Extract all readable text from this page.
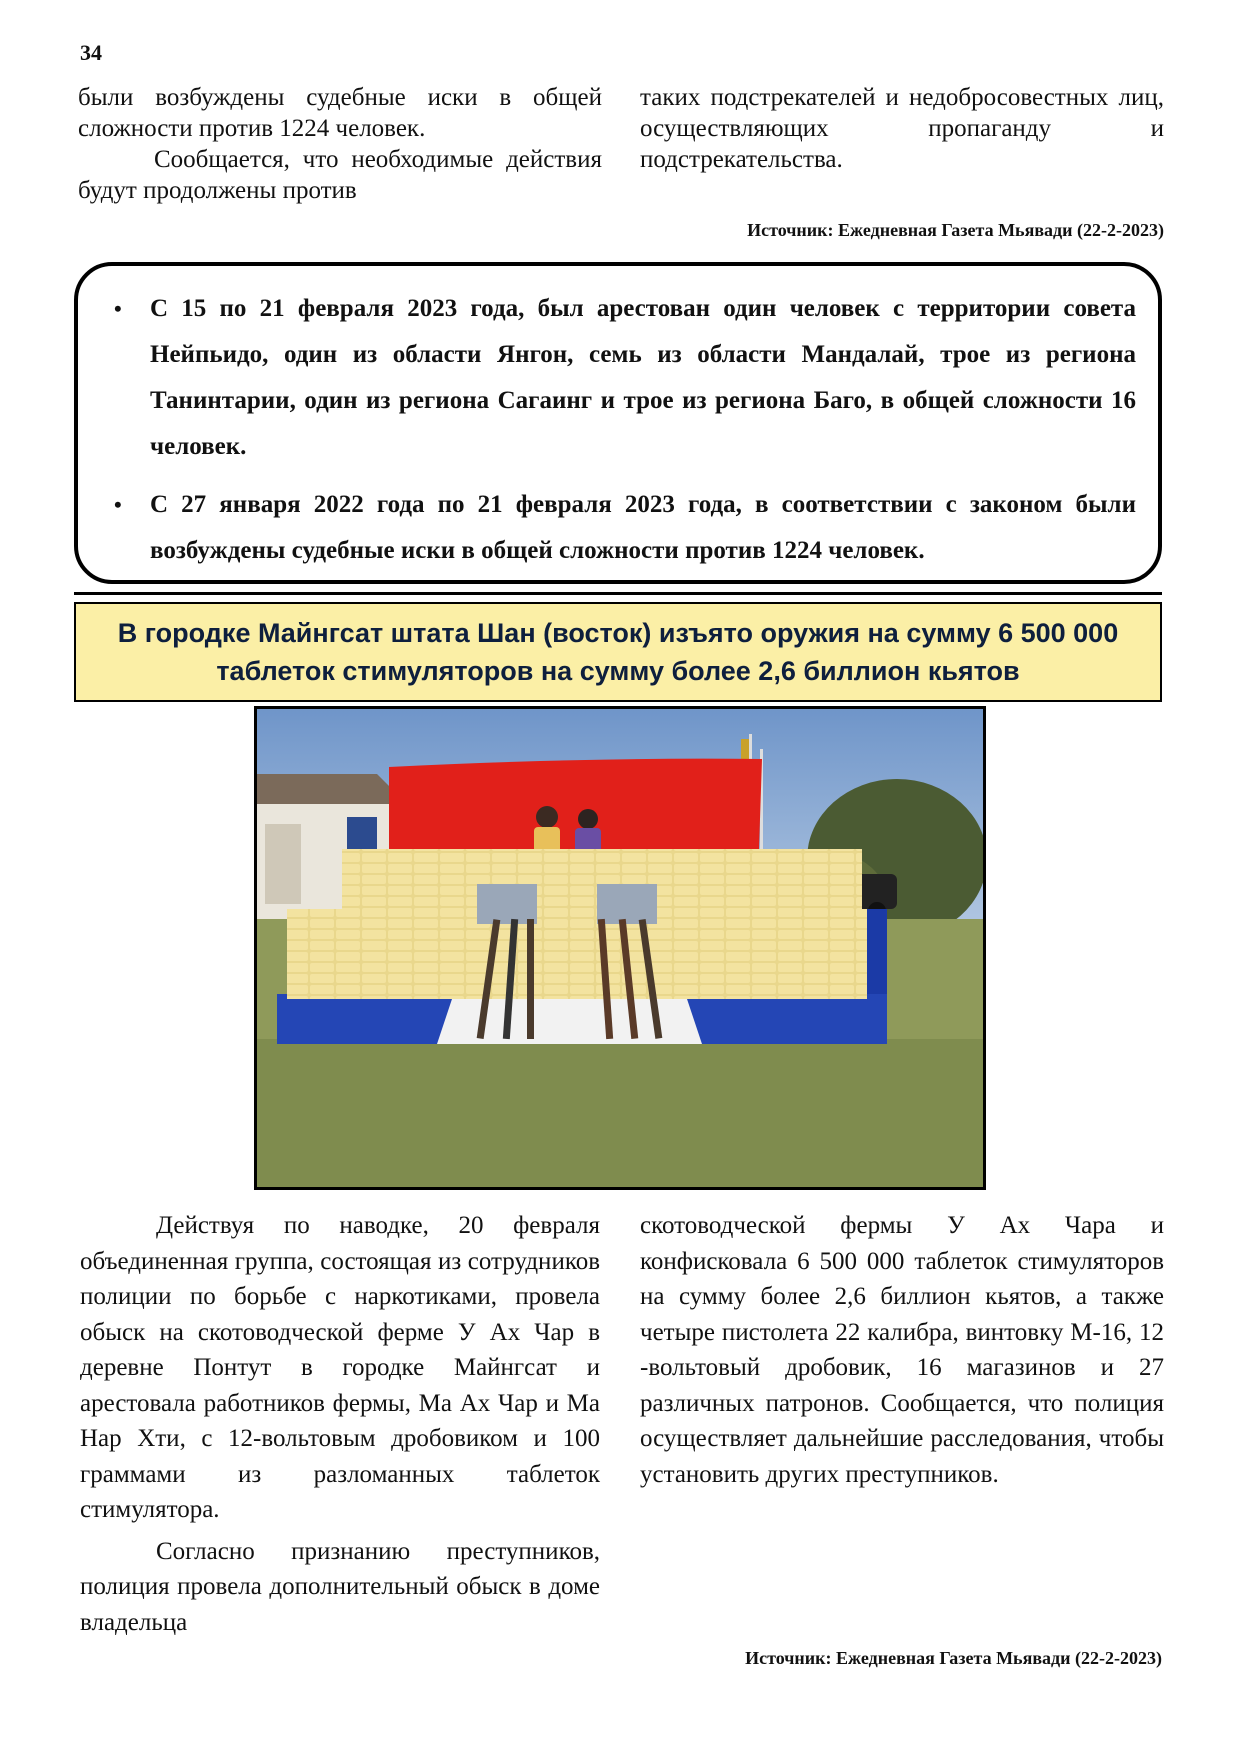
34

были возбуждены судебные иски в общей сложности против 1224 человек.

Сообщается, что необходимые действия будут продолжены против

таких подстрекателей и недобросовестных лиц, осуществляющих пропаганду и подстрекательства.

Источник: Ежедневная Газета Мьявади (22-2-2023)
• С 15 по 21 февраля 2023 года, был арестован один человек с территории совета Нейпьидо, один из области Янгон, семь из области Мандалай, трое из региона Танинтарии, один из региона Сагаинг и трое из региона Баго, в общей сложности 16 человек.
• С 27 января 2022 года по 21 февраля 2023 года, в соответствии с законом были возбуждены судебные иски в общей сложности против 1224 человек.
В городке Майнгсат штата Шан (восток) изъято оружия на сумму 6 500 000 таблеток стимуляторов на сумму более 2,6 биллион кьятов

Действуя по наводке, 20 февраля объединенная группа, состоящая из сотрудников полиции по борьбе с наркотиками, провела обыск на скотоводческой ферме У Ах Чар в деревне Понтут в городке Майнгсат и арестовала работников фермы, Ма Ах Чар и Ма Нар Хти, с 12-вольтовым дробовиком и 100 граммами из разломанных таблеток стимулятора.

Согласно признанию преступников, полиция провела дополнительный обыск в доме владельца

скотоводческой фермы У Ах Чара и конфисковала 6 500 000 таблеток стимуляторов на сумму более 2,6 биллион кьятов, а также четыре пистолета 22 калибра, винтовку М-16, 12 -вольтовый дробовик, 16 магазинов и 27 различных патронов. Сообщается, что полиция осуществляет дальнейшие расследования, чтобы установить других преступников.

Источник: Ежедневная Газета Мьявади (22-2-2023)
